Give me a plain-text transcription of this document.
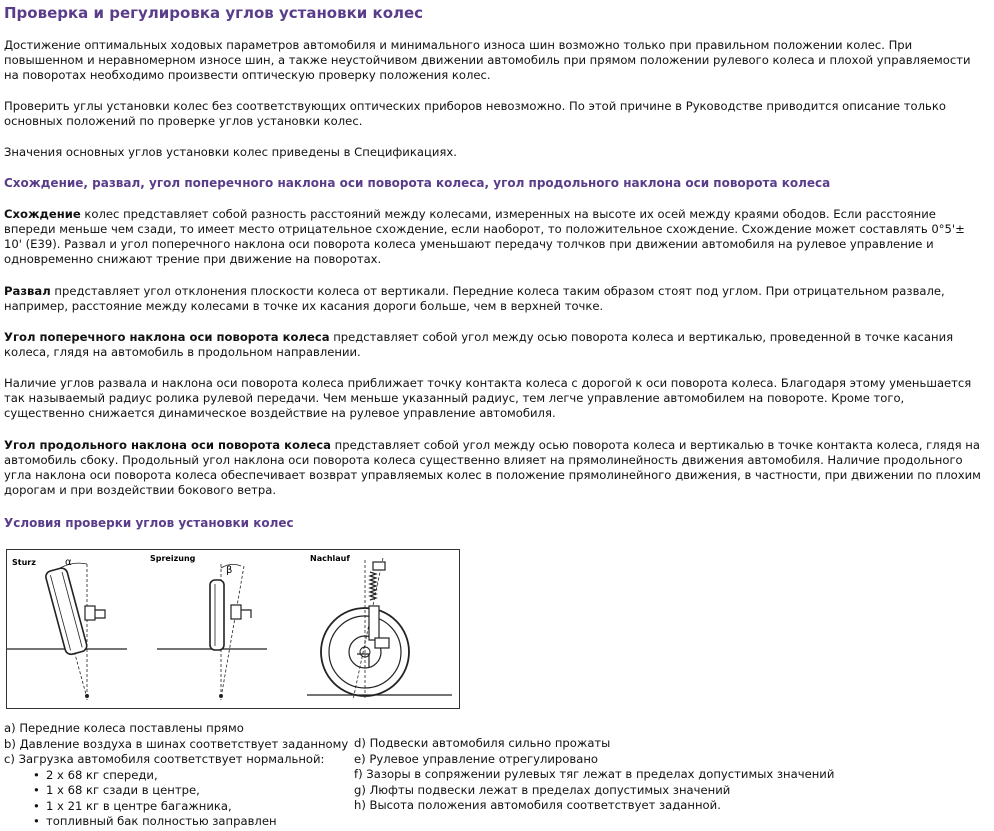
Проверка и регулировка углов установки колес

Достижение оптимальных ходовых параметров автомобиля и минимального износа шин возможно только при правильном положении колес. При повышенном и неравномерном износе шин, а также неустойчивом движении автомобиль при прямом положении рулевого колеса и плохой управляемости на поворотах необходимо произвести оптическую проверку положения колес.

Проверить углы установки колес без соответствующих оптических приборов невозможно. По этой причине в Руководстве приводится описание только основных положений по проверке углов установки колес.

Значения основных углов установки колес приведены в Спецификациях.

Схождение, развал, угол поперечного наклона оси поворота колеса, угол продольного наклона оси поворота колеса

Схождение колес представляет собой разность расстояний между колесами, измеренных на высоте их осей между краями ободов. Если расстояние впереди меньше чем сзади, то имеет место отрицательное схождение, если наоборот, то положительное схождение. Схождение может составлять 0°5'± 10' (Е39). Развал и угол поперечного наклона оси поворота колеса уменьшают передачу толчков при движении автомобиля на рулевое управление и одновременно снижают трение при движение на поворотах.

Развал представляет угол отклонения плоскости колеса от вертикали. Передние колеса таким образом стоят под углом. При отрицательном развале, например, расстояние между колесами в точке их касания дороги больше, чем в верхней точке.

Угол поперечного наклона оси поворота колеса представляет собой угол между осью поворота колеса и вертикалью, проведенной в точке касания колеса, глядя на автомобиль в продольном направлении.

Наличие углов развала и наклона оси поворота колеса приближает точку контакта колеса с дорогой к оси поворота колеса. Благодаря этому уменьшается так называемый радиус ролика рулевой передачи. Чем меньше указанный радиус, тем легче управление автомобилем на повороте. Кроме того, существенно снижается динамическое воздействие на рулевое управление автомобиля.

Угол продольного наклона оси поворота колеса представляет собой угол между осью поворота колеса и вертикалью в точке контакта колеса, глядя на автомобиль сбоку. Продольный угол наклона оси поворота колеса существенно влияет на прямолинейность движения автомобиля. Наличие продольного угла наклона оси поворота колеса обеспечивает возврат управляемых колес в положение прямолинейного движения, в частности, при движении по плохим дорогам и при воздействии бокового ветра.

Условия проверки углов установки колес
Sturz	α	Spreizung
β
Nachlauf
a) Передние колеса поставлены прямо
b) Давление воздуха в шинах соответствует заданному
c) Загрузка автомобиля соответствует нормальной:
• 2 х 68 кг спереди,
• 1 х 68 кг сзади в центре,
• 1 х 21 кг в центре багажника,
• топливный бак полностью заправлен
d) Подвески автомобиля сильно прожаты
e) Рулевое управление отрегулировано
f) Зазоры в сопряжении рулевых тяг лежат в пределах допустимых значений
g) Люфты подвески лежат в пределах допустимых значений
h) Высота положения автомобиля соответствует заданной.
